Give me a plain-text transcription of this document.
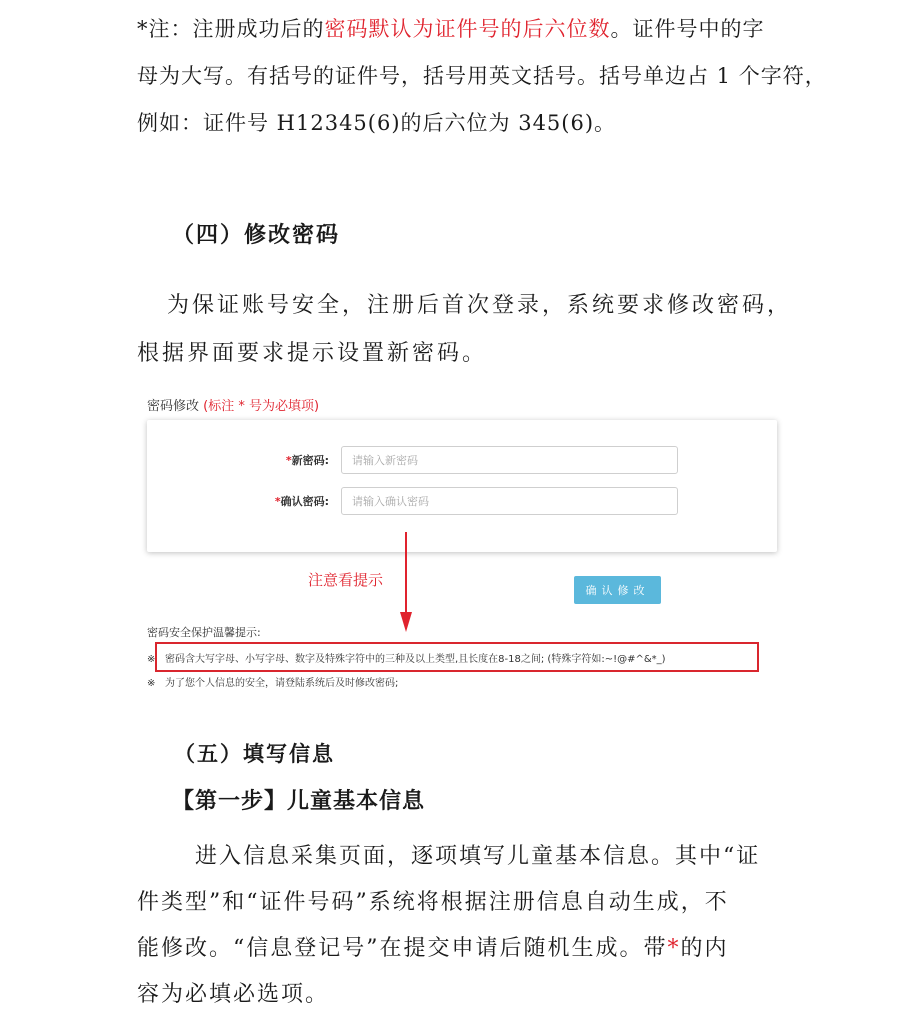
*注：注册成功后的密码默认为证件号的后六位数。证件号中的字
母为大写。有括号的证件号，括号用英文括号。括号单边占 1 个字符，
例如：证件号 H12345(6)的后六位为 345(6)。
（四）修改密码
为保证账号安全，注册后首次登录，系统要求修改密码，
根据界面要求提示设置新密码。
密码修改 (标注 * 号为必填项)
*新密码:
*确认密码:
注意看提示
确认修改
密码安全保护温馨提示:
※ 密码含大写字母、小写字母、数字及特殊字符中的三种及以上类型,且长度在8-18之间; (特殊字符如:~!@#^&*_)
※ 为了您个人信息的安全，请登陆系统后及时修改密码;
（五）填写信息
【第一步】儿童基本信息
进入信息采集页面，逐项填写儿童基本信息。其中“证
件类型”和“证件号码”系统将根据注册信息自动生成，不
能修改。“信息登记号”在提交申请后随机生成。带*的内
容为必填必选项。
